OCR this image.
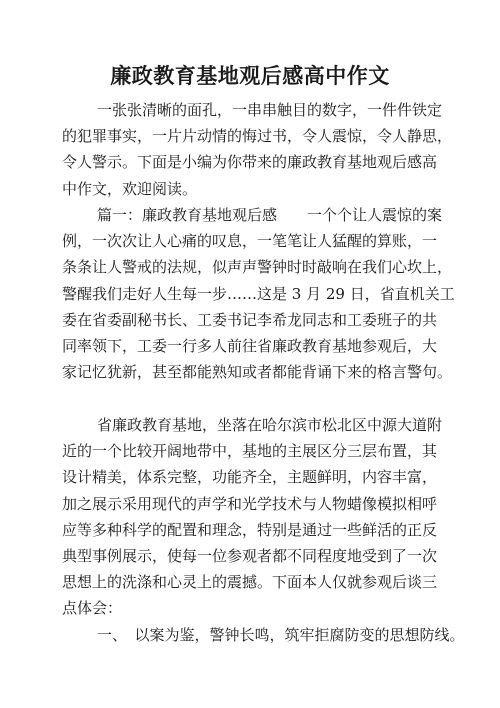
廉政教育基地观后感高中作文
一张张清晰的面孔，一串串触目的数字，一件件铁定
的犯罪事实，一片片动情的悔过书，令人震惊，令人静思，
令人警示。下面是小编为你带来的廉政教育基地观后感高
中作文，欢迎阅读。
篇一：廉政教育基地观后感　　一个个让人震惊的案
例，一次次让人心痛的叹息，一笔笔让人猛醒的算账，一
条条让人警戒的法规，似声声警钟时时敲响在我们心坎上，
警醒我们走好人生每一步……这是 3 月 29 日，省直机关工
委在省委副秘书长、工委书记李希龙同志和工委班子的共
同率领下，工委一行多人前往省廉政教育基地参观后，大
家记忆犹新，甚至都能熟知或者都能背诵下来的格言警句。
省廉政教育基地，坐落在哈尔滨市松北区中源大道附
近的一个比较开阔地带中，基地的主展区分三层布置，其
设计精美，体系完整，功能齐全，主题鲜明，内容丰富，
加之展示采用现代的声学和光学技术与人物蜡像模拟相呼
应等多种科学的配置和理念，特别是通过一些鲜活的正反
典型事例展示，使每一位参观者都不同程度地受到了一次
思想上的洗涤和心灵上的震撼。下面本人仅就参观后谈三
点体会：
一、　以案为鉴，警钟长鸣，筑牢拒腐防变的思想防线。
